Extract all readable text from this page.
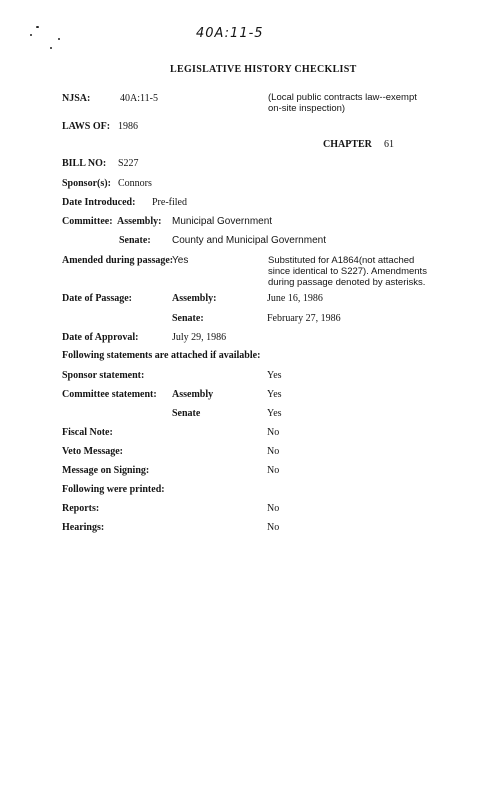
40A:11-5
LEGISLATIVE HISTORY CHECKLIST
NJSA:	40A:11-5	(Local public contracts law--exempt
on-site inspection)
LAWS OF: 1986
CHAPTER 61
BILL NO: S227
Sponsor(s): Connors
Date Introduced: Pre-filed
Committee: Assembly: Municipal Government
Senate: County and Municipal Government
Amended during passage:
Yes	Substituted for A1864(not attached
since identical to S227). Amendments
during passage denoted by asterisks.
Date of Passage:	Assembly:	June 16, 1986
Senate:	February 27, 1986
Date of Approval:	July 29, 1986
Following statements are attached if available:
Sponsor statement:	Yes
Committee statement: Assembly	Yes
Senate	Yes
Fiscal Note:	No
Veto Message:	No
Message on Signing:	No
Following were printed:
Reports:	No
Hearings:	No
